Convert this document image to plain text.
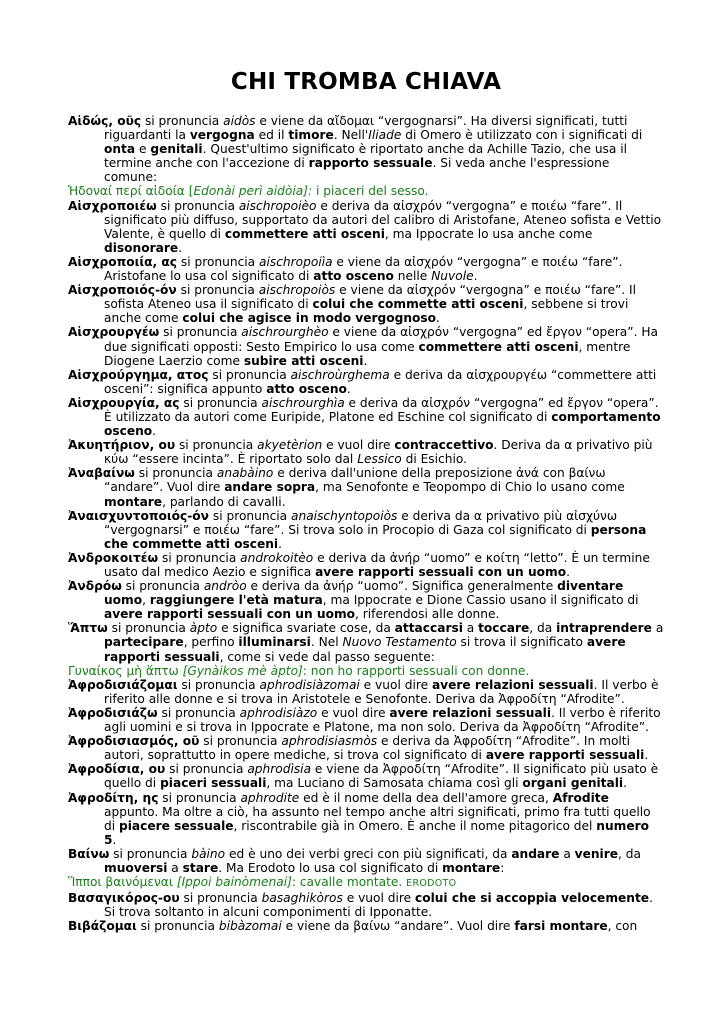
CHI TROMBA CHIAVA

Αἰδώς, οῦς si pronuncia aidòs e viene da αἴδομαι “vergognarsi”. Ha diversi significati, tutti riguardanti la vergogna ed il timore. Nell'Iliade di Omero è utilizzato con i significati di onta e genitali. Quest'ultimo significato è riportato anche da Achille Tazio, che usa il termine anche con l'accezione di rapporto sessuale. Si veda anche l'espressione comune:

Ἡδοναί περί αἰδοία [Edonài perì aidòia]: i piaceri del sesso.

Αἰσχροποιέω si pronuncia aischropoièo e deriva da αἰσχρόν “vergogna” e ποιέω “fare”. Il significato più diffuso, supportato da autori del calibro di Aristofane, Ateneo sofista e Vettio Valente, è quello di commettere atti osceni, ma Ippocrate lo usa anche come disonorare.

Αἰσχροποιία, ας si pronuncia aischropoiìa e viene da αἰσχρόν “vergogna” e ποιέω “fare”. Aristofane lo usa col significato di atto osceno nelle Nuvole.

Αἰσχροποιός-όν si pronuncia aischropoiòs e viene da αἰσχρόν “vergogna” e ποιέω “fare”. Il sofista Ateneo usa il significato di colui che commette atti osceni, sebbene si trovi anche come colui che agisce in modo vergognoso.

Αἰσχρουργέω si pronuncia aischrourghèo e viene da αἰσχρόν “vergogna” ed ἔργον “opera”. Ha due significati opposti: Sesto Empirico lo usa come commettere atti osceni, mentre Diogene Laerzio come subire atti osceni.

Αἰσχρούργημα, ατος si pronuncia aischroùrghema e deriva da αἰσχρουργέω “commettere atti osceni”: significa appunto atto osceno.

Αἰσχρουργία, ας si pronuncia aischrourghìa e deriva da αἰσχρόν “vergogna” ed ἔργον “opera”. È utilizzato da autori come Euripide, Platone ed Eschine col significato di comportamento osceno.

Ἀκυητήριον, ου si pronuncia akyetèrion e vuol dire contraccettivo. Deriva da α privativo più κύω “essere incinta”. È riportato solo dal Lessico di Esichio.

Ἀναβαίνω si pronuncia anabàino e deriva dall'unione della preposizione ἀνά con βαίνω “andare”. Vuol dire andare sopra, ma Senofonte e Teopompo di Chio lo usano come montare, parlando di cavalli.

Ἀναισχυντοποιός-όν si pronuncia anaischyntopoiòs e deriva da α privativo più αἰσχύνω “vergognarsi” e ποιέω “fare”. Si trova solo in Procopio di Gaza col significato di persona che commette atti osceni.

Ἀνδροκοιτέω si pronuncia androkoitèo e deriva da ἀνήρ “uomo” e κοίτη “letto”. È un termine usato dal medico Aezio e significa avere rapporti sessuali con un uomo.

Ἀνδρόω si pronuncia andròo e deriva da ἀνήρ “uomo”. Significa generalmente diventare uomo, raggiungere l'età matura, ma Ippocrate e Dione Cassio usano il significato di avere rapporti sessuali con un uomo, riferendosi alle donne.

Ἅπτω si pronuncia àpto e significa svariate cose, da attaccarsi a toccare, da intraprendere a partecipare, perfino illuminarsi. Nel Nuovo Testamento si trova il significato avere rapporti sessuali, come si vede dal passo seguente:

Γυναίκος μὴ ἅπτω [Gynàikos mè àpto]: non ho rapporti sessuali con donne.

Ἀφροδισιάζομαι si pronuncia aphrodisiàzomai e vuol dire avere relazioni sessuali. Il verbo è riferito alle donne e si trova in Aristotele e Senofonte. Deriva da Ἀφροδίτη “Afrodite”.

Ἀφροδισιάζω si pronuncia aphrodisiàzo e vuol dire avere relazioni sessuali. Il verbo è riferito agli uomini e si trova in Ippocrate e Platone, ma non solo. Deriva da Ἀφροδίτη “Afrodite”.

Ἀφροδισιασμός, οῦ si pronuncia aphrodisiasmòs e deriva da Ἀφροδίτη “Afrodite”. In molti autori, soprattutto in opere mediche, si trova col significato di avere rapporti sessuali.

Ἀφροδίσια, ου si pronuncia aphrodìsia e viene da Ἀφροδίτη “Afrodite”. Il significato più usato è quello di piaceri sessuali, ma Luciano di Samosata chiama così gli organi genitali.

Ἀφροδίτη, ης si pronuncia aphrodite ed è il nome della dea dell'amore greca, Afrodite appunto. Ma oltre a ciò, ha assunto nel tempo anche altri significati, primo fra tutti quello di piacere sessuale, riscontrabile già in Omero. È anche il nome pitagorico del numero 5.

Βαίνω si pronuncia bàino ed è uno dei verbi greci con più significati, da andare a venire, da muoversi a stare. Ma Erodoto lo usa col significato di montare:

Ἵπποι βαινόμεναι [Ippoi bainòmenai]: cavalle montate. ERODOTO

Βασαγικόρος-ου si pronuncia basaghikòros e vuol dire colui che si accoppia velocemente. Si trova soltanto in alcuni componimenti di Ipponatte.

Βιβάζομαι si pronuncia bibàzomai e viene da βαίνω “andare”. Vuol dire farsi montare, con
